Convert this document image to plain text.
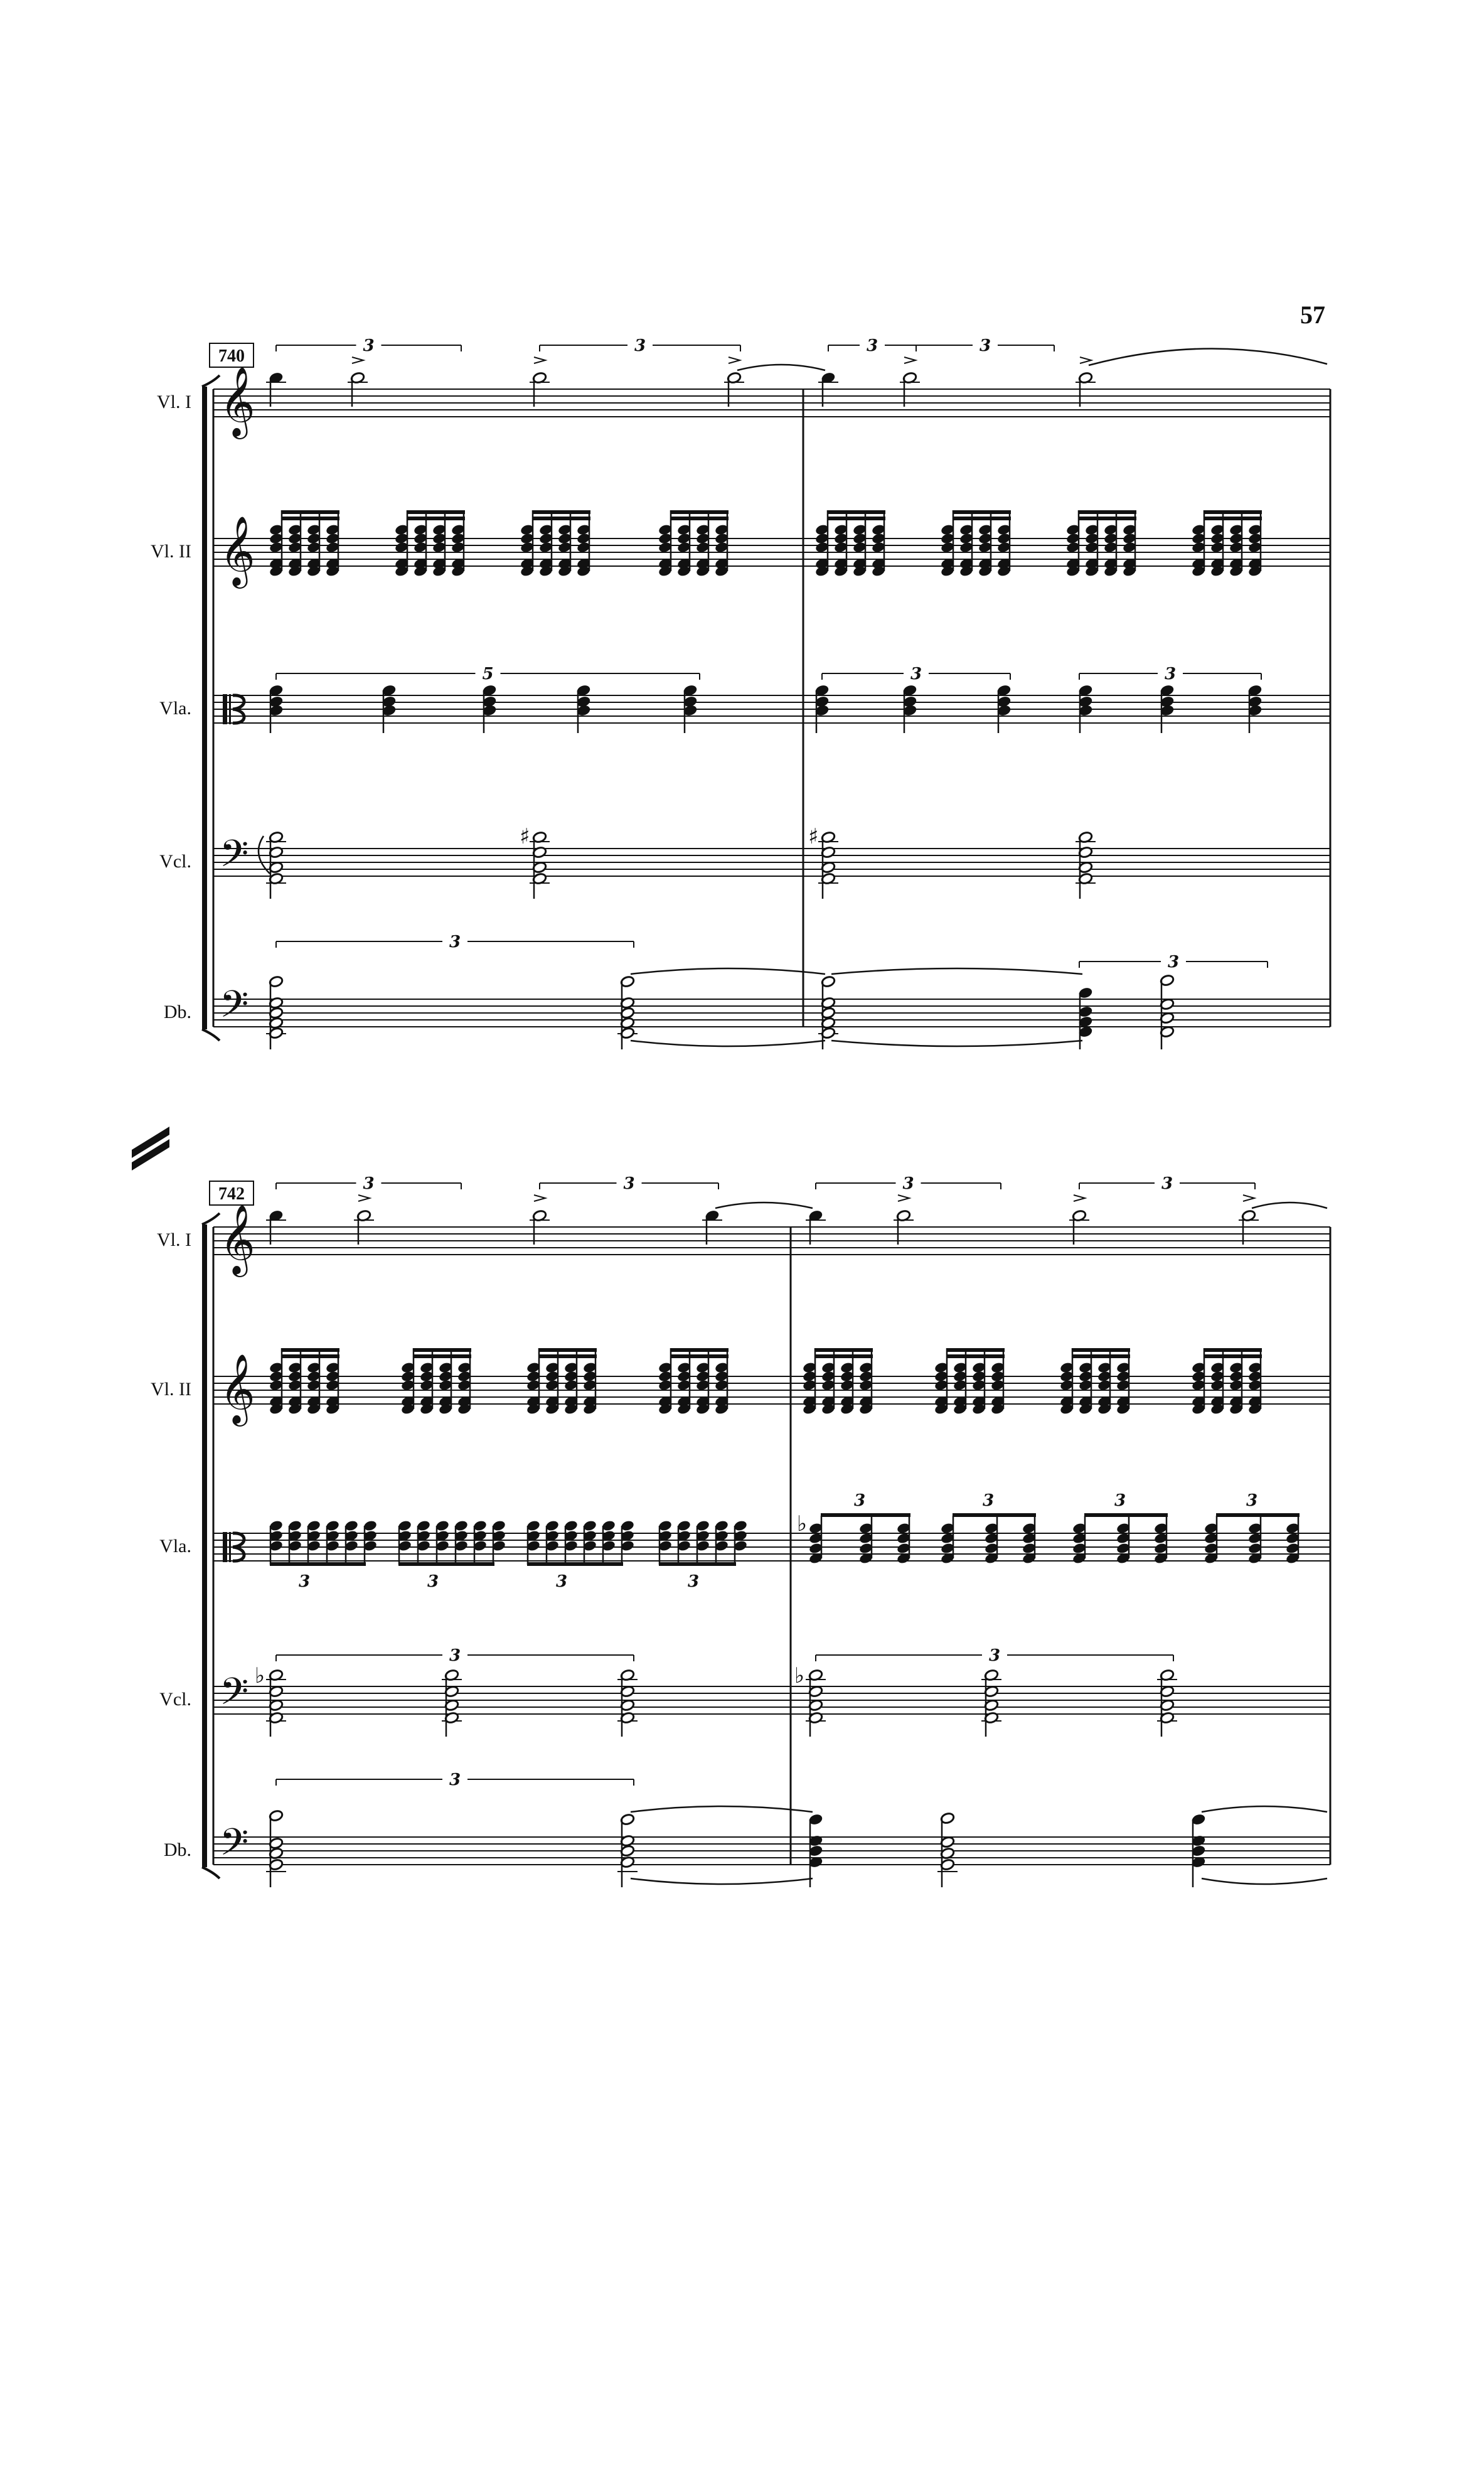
57
Vl. I
Vl. II
Vla.
Vcl.
Db.
740
𝄞
𝄞
𝄢
𝄢
Vl. I
Vl. II
Vla.
Vcl.
Db.
742
𝄞
𝄞
𝄢
𝄢
3	3	3	3
5	3	3
♯	♯
3
3
3	3	3	3
3	3	3	3
3	3	3	3
♭
♭	♭
3	3
3
